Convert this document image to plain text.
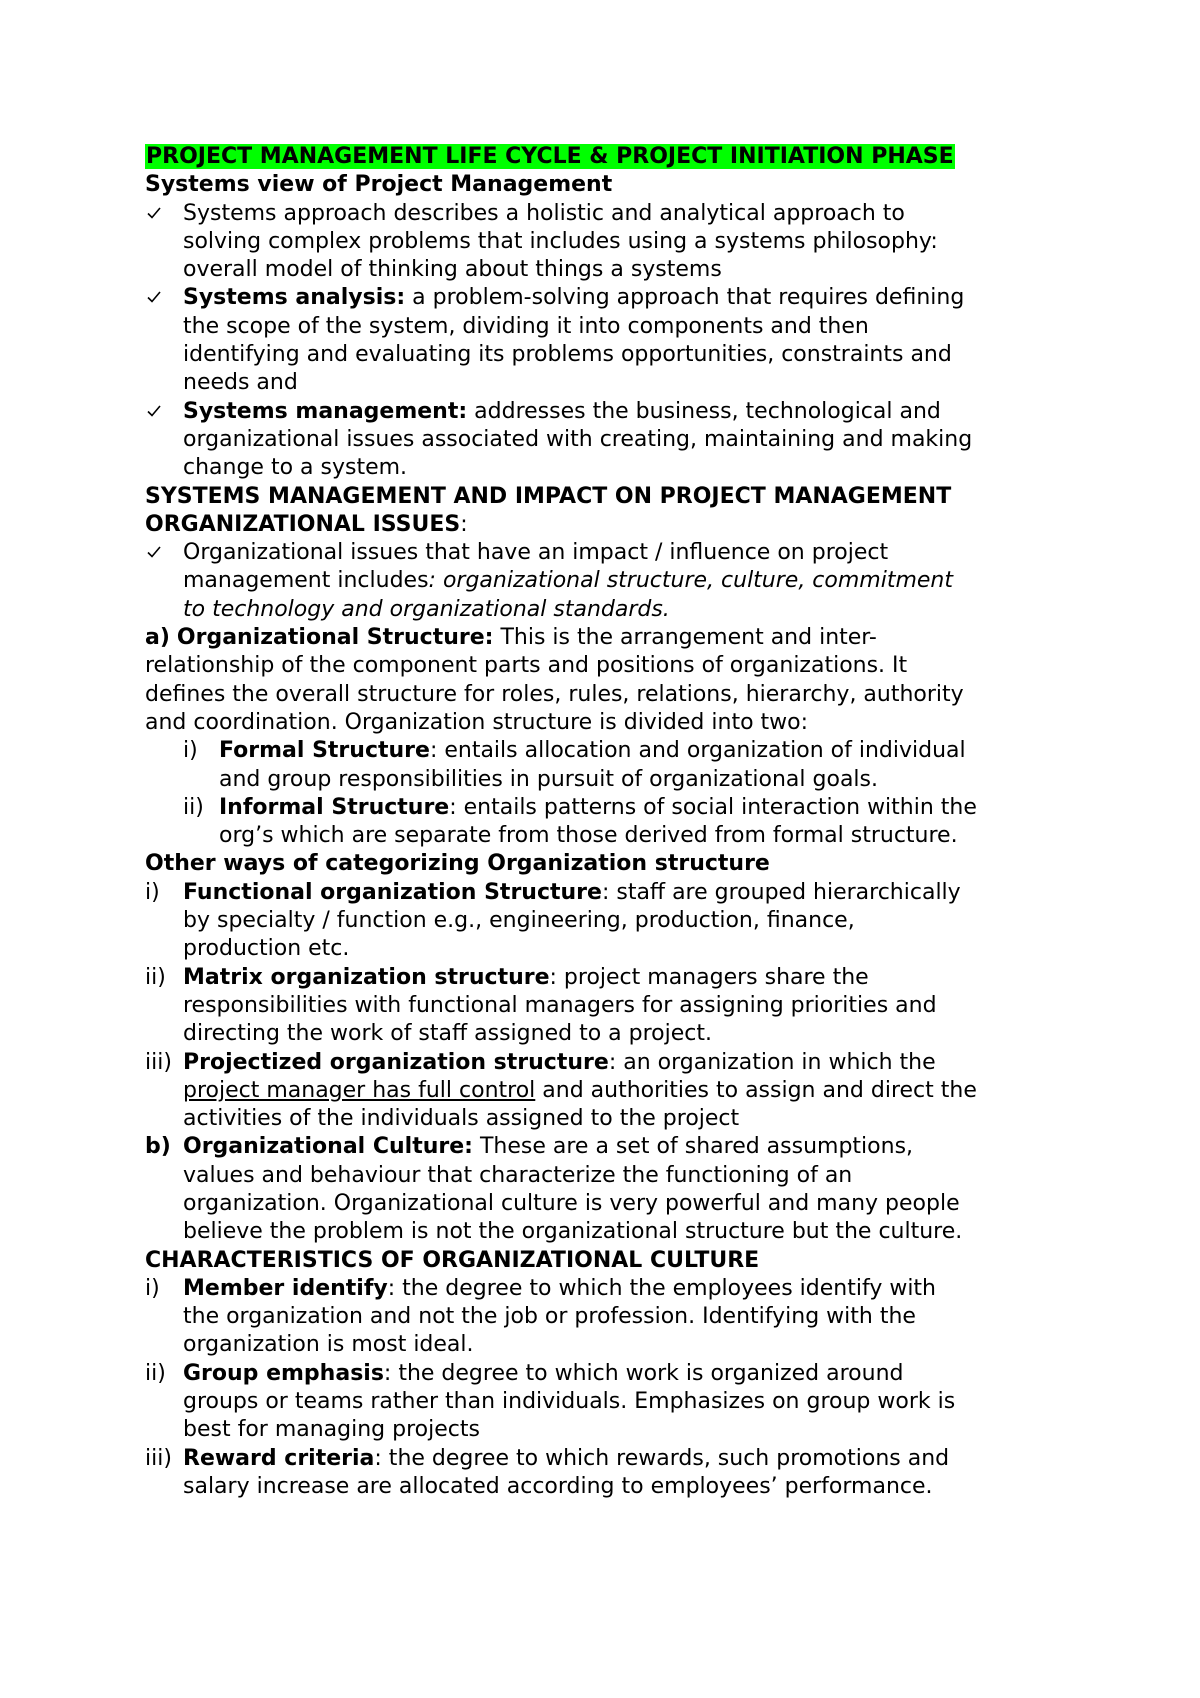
PROJECT MANAGEMENT LIFE CYCLE & PROJECT INITIATION PHASE

Systems view of Project Management

Systems approach describes a holistic and analytical approach to

solving complex problems that includes using a systems philosophy:

overall model of thinking about things a systems

Systems analysis: a problem-solving approach that requires defining

the scope of the system, dividing it into components and then

identifying and evaluating its problems opportunities, constraints and

needs and

Systems management: addresses the business, technological and

organizational issues associated with creating, maintaining and making

change to a system.

SYSTEMS MANAGEMENT AND IMPACT ON PROJECT MANAGEMENT

ORGANIZATIONAL ISSUES:

Organizational issues that have an impact / influence on project

management includes: organizational structure, culture, commitment

to technology and organizational standards.

a) Organizational Structure: This is the arrangement and inter-

relationship of the component parts and positions of organizations. It

defines the overall structure for roles, rules, relations, hierarchy, authority

and coordination. Organization structure is divided into two:

i) Formal Structure: entails allocation and organization of individual

and group responsibilities in pursuit of organizational goals.

ii) Informal Structure: entails patterns of social interaction within the

org’s which are separate from those derived from formal structure.

Other ways of categorizing Organization structure

i) Functional organization Structure: staff are grouped hierarchically

by specialty / function e.g., engineering, production, finance,

production etc.

ii) Matrix organization structure: project managers share the

responsibilities with functional managers for assigning priorities and

directing the work of staff assigned to a project.

iii) Projectized organization structure: an organization in which the

project manager has full control and authorities to assign and direct the

activities of the individuals assigned to the project

b) Organizational Culture: These are a set of shared assumptions,

values and behaviour that characterize the functioning of an

organization. Organizational culture is very powerful and many people

believe the problem is not the organizational structure but the culture.

CHARACTERISTICS OF ORGANIZATIONAL CULTURE

i) Member identify: the degree to which the employees identify with

the organization and not the job or profession. Identifying with the

organization is most ideal.

ii) Group emphasis: the degree to which work is organized around

groups or teams rather than individuals. Emphasizes on group work is

best for managing projects

iii) Reward criteria: the degree to which rewards, such promotions and

salary increase are allocated according to employees’ performance.
